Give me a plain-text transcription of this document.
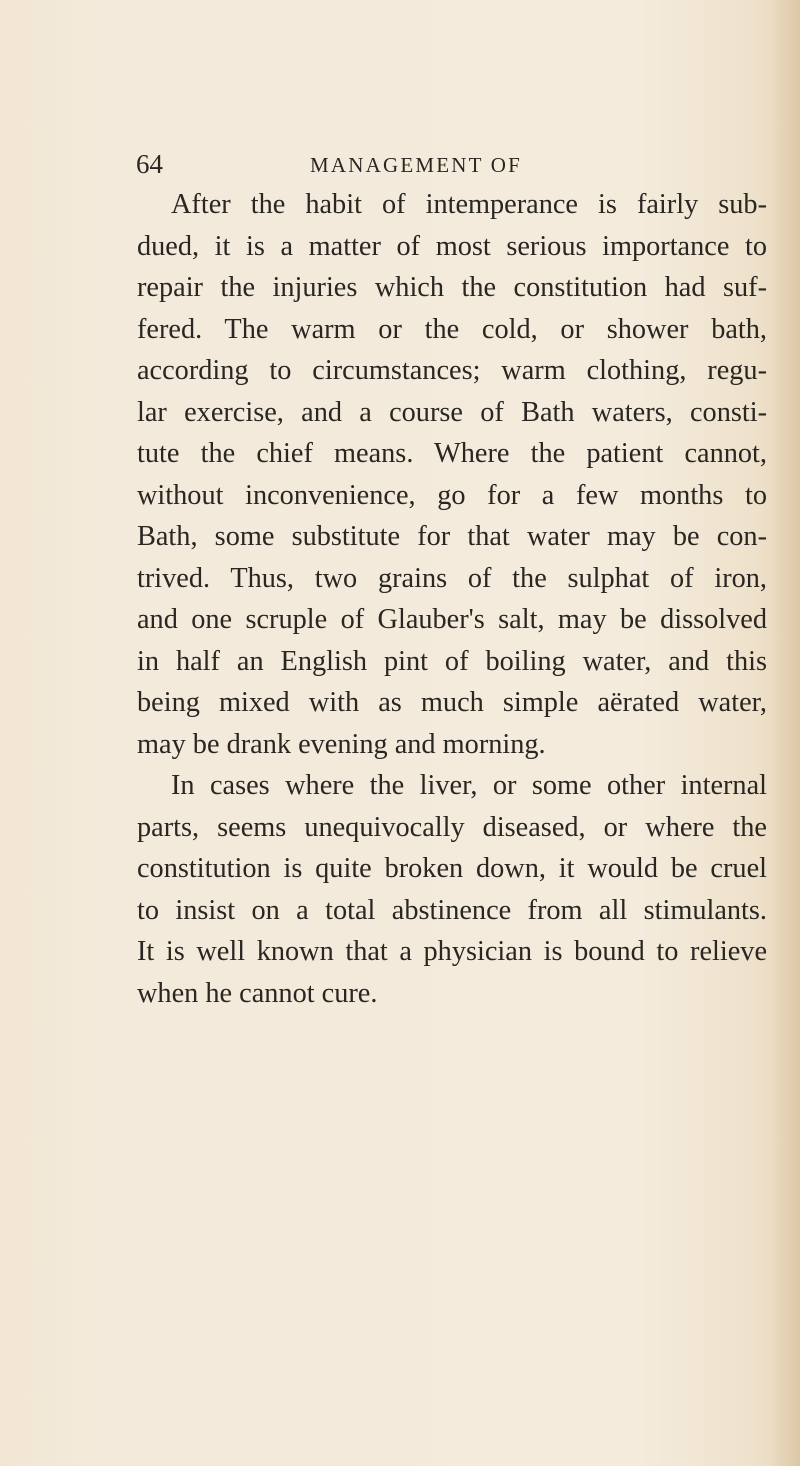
64	MANAGEMENT OF
After the habit of intemperance is fairly sub-
dued, it is a matter of most serious importance to
repair the injuries which the constitution had suf-
fered. The warm or the cold, or shower bath,
according to circumstances; warm clothing, regu-
lar exercise, and a course of Bath waters, consti-
tute the chief means. Where the patient cannot,
without inconvenience, go for a few months to
Bath, some substitute for that water may be con-
trived. Thus, two grains of the sulphat of iron,
and one scruple of Glauber's salt, may be dissolved
in half an English pint of boiling water, and this
being mixed with as much simple aërated water,
may be drank evening and morning.
In cases where the liver, or some other internal
parts, seems unequivocally diseased, or where the
constitution is quite broken down, it would be cruel
to insist on a total abstinence from all stimulants.
It is well known that a physician is bound to relieve
when he cannot cure.
